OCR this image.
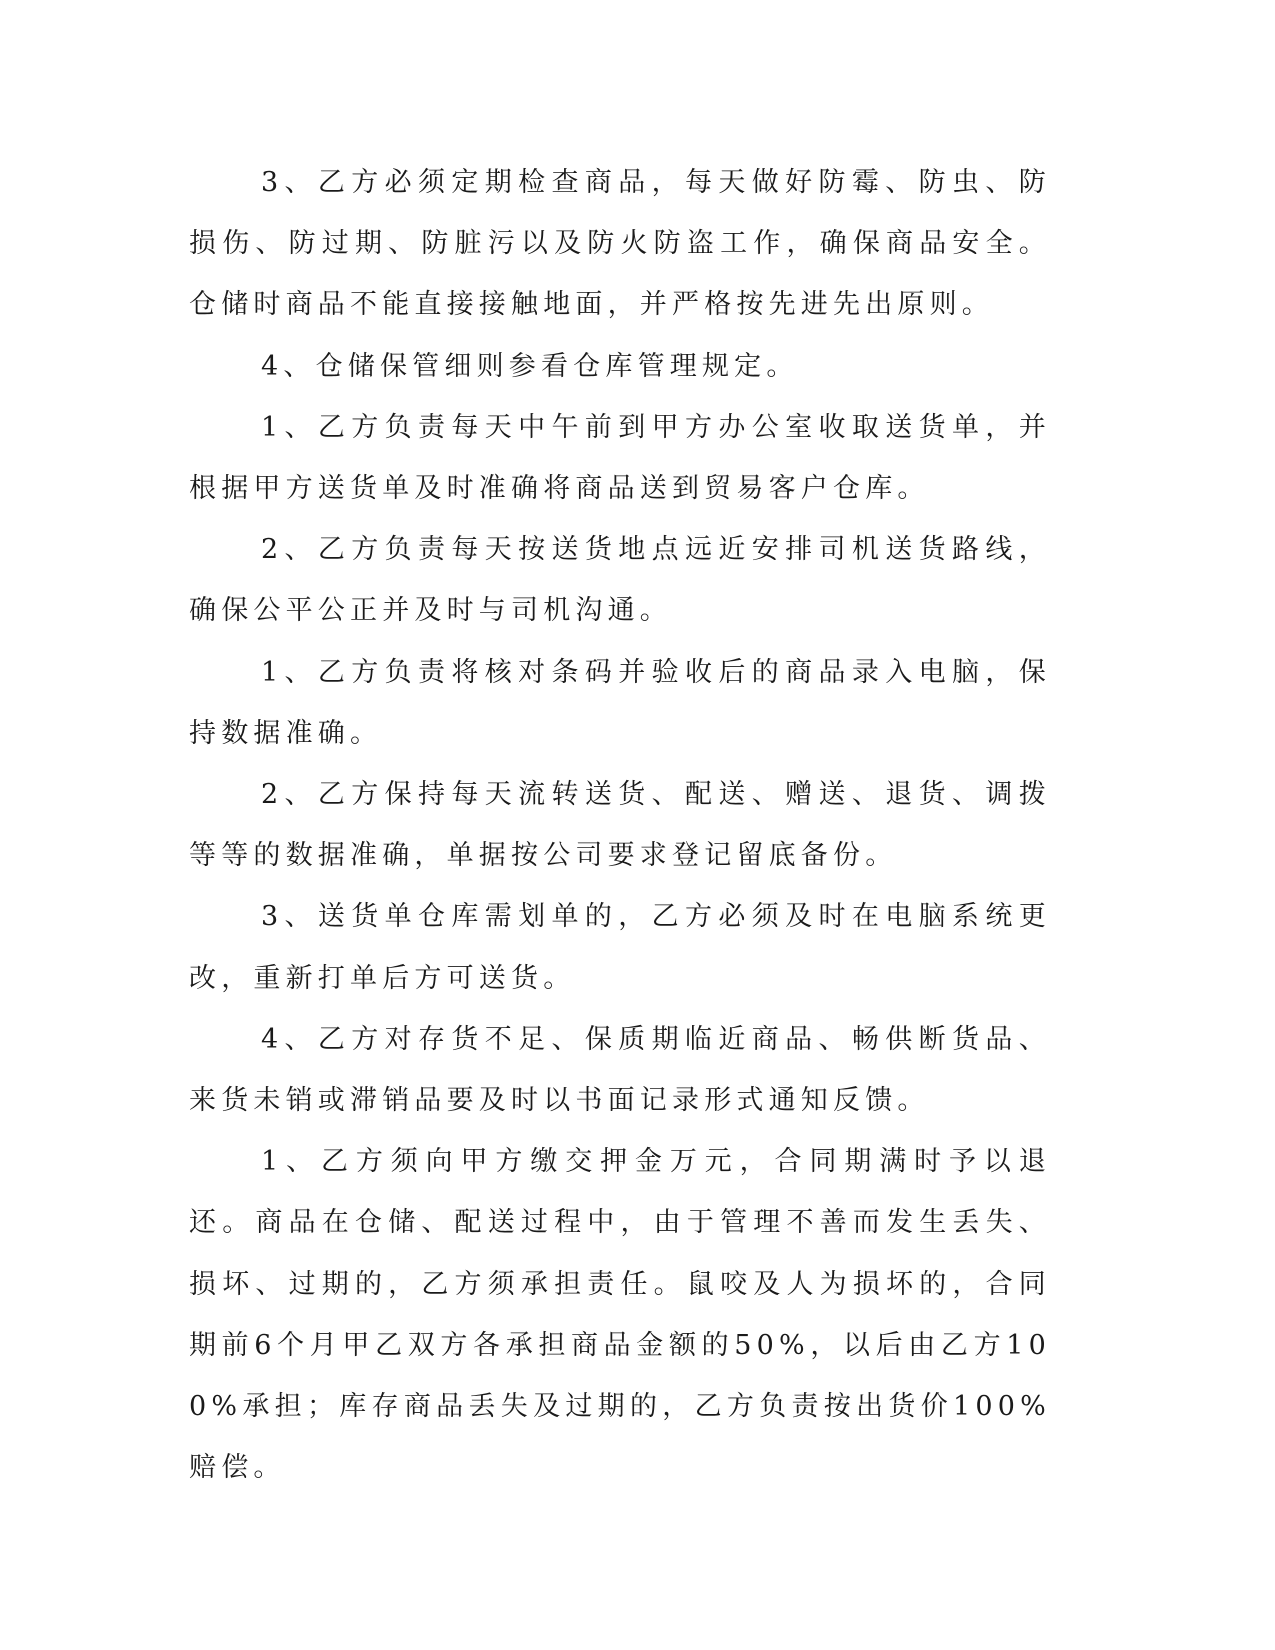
3、乙方必须定期检查商品，每天做好防霉、防虫、防损伤、防过期、防脏污以及防火防盗工作，确保商品安全。仓储时商品不能直接接触地面，并严格按先进先出原则。

4、仓储保管细则参看仓库管理规定。

1、乙方负责每天中午前到甲方办公室收取送货单，并根据甲方送货单及时准确将商品送到贸易客户仓库。

2、乙方负责每天按送货地点远近安排司机送货路线，确保公平公正并及时与司机沟通。

1、乙方负责将核对条码并验收后的商品录入电脑，保持数据准确。

2、乙方保持每天流转送货、配送、赠送、退货、调拨等等的数据准确，单据按公司要求登记留底备份。

3、送货单仓库需划单的，乙方必须及时在电脑系统更改，重新打单后方可送货。

4、乙方对存货不足、保质期临近商品、畅供断货品、来货未销或滞销品要及时以书面记录形式通知反馈。

1、乙方须向甲方缴交押金万元，合同期满时予以退还。商品在仓储、配送过程中，由于管理不善而发生丢失、损坏、过期的，乙方须承担责任。鼠咬及人为损坏的，合同期前6个月甲乙双方各承担商品金额的50%，以后由乙方100%承担；库存商品丢失及过期的，乙方负责按出货价100%赔偿。
